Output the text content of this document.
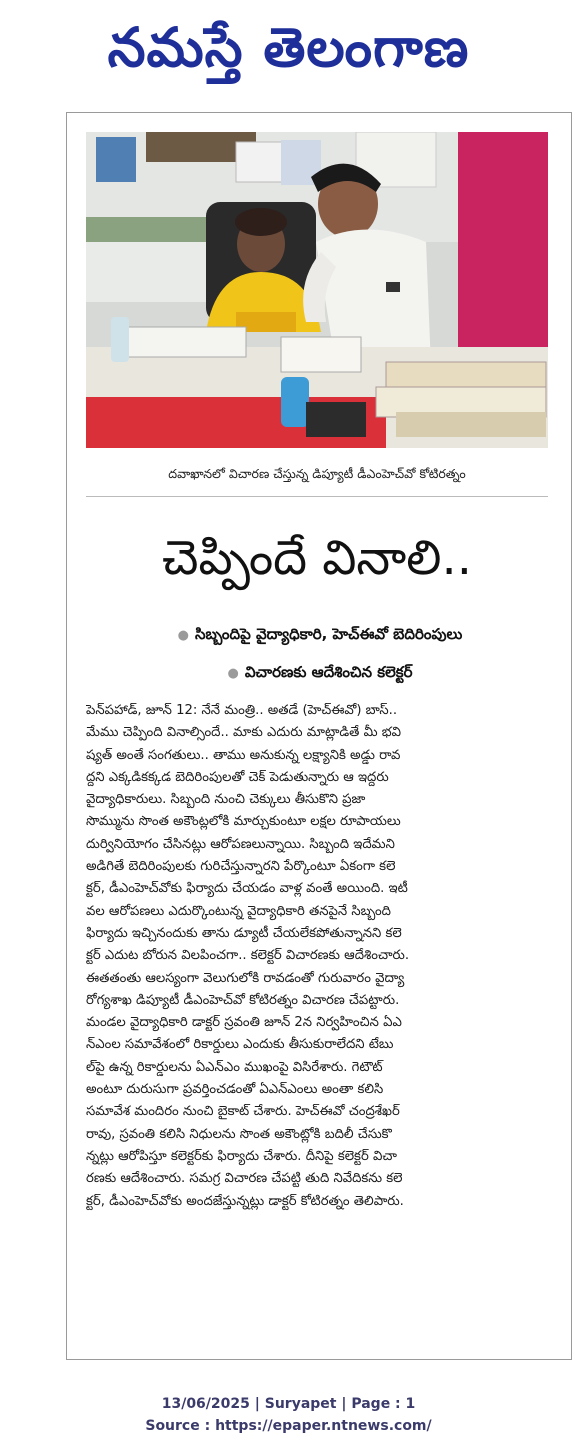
నమస్తే తెలంగాణ
దవాఖానలో విచారణ చేస్తున్న డిప్యూటీ డీఎంహెచ్‌వో కోటిరత్నం
చెప్పిందే వినాలి..
● సిబ్బందిపై వైద్యాధికారి, హెచ్‌ఈవో బెదిరింపులు
● విచారణకు ఆదేశించిన కలెక్టర్
పెన్‌పహాడ్, జూన్ 12: నేనే మంత్రి.. అతడే (హెచ్‌ఈవో) బాస్..
మేము చెప్పింది వినాల్సిందే.. మాకు ఎదురు మాట్లాడితే మీ భవి
ష్యత్ అంతే సంగతులు.. తాము అనుకున్న లక్ష్యానికి అడ్డు రావ
ద్దని ఎక్కడికక్కడ బెదిరింపులతో చెక్ పెడుతున్నారు ఆ ఇద్దరు
వైద్యాధికారులు. సిబ్బంది నుంచి చెక్కులు తీసుకొని ప్రజా
సొమ్మును సొంత అకౌంట్లలోకి మార్చుకుంటూ లక్షల రూపాయలు
దుర్వినియోగం చేసినట్లు ఆరోపణలున్నాయి. సిబ్బంది ఇదేమని
అడిగితే బెదిరింపులకు గురిచేస్తున్నారని పేర్కొంటూ ఏకంగా కలె
క్టర్, డీఎంహెచ్‌వోకు ఫిర్యాదు చేయడం వాళ్ల వంతే అయింది. ఇటీ
వల ఆరోపణలు ఎదుర్కొంటున్న వైద్యాధికారి తనపైనే సిబ్బంది
ఫిర్యాదు ఇచ్చినందుకు తాను డ్యూటీ చేయలేకపోతున్నానని కలె
క్టర్ ఎదుట బోరున విలపించగా.. కలెక్టర్ విచారణకు ఆదేశించారు.
ఈతతంతు ఆలస్యంగా వెలుగులోకి రావడంతో గురువారం వైద్యా
రోగ్యశాఖ డిప్యూటీ డీఎంహెచ్‌వో కోటిరత్నం విచారణ చేపట్టారు.
మండల వైద్యాధికారి డాక్టర్ స్రవంతి జూన్ 2న నిర్వహించిన ఏఎ
న్‌ఎంల సమావేశంలో రికార్డులు ఎందుకు తీసుకురాలేదని టేబు
ల్‌పై ఉన్న రికార్డులను ఏఎన్‌ఎం ముఖంపై విసిరేశారు. గెటౌట్
అంటూ దురుసుగా ప్రవర్తించడంతో ఏఎన్‌ఎంలు అంతా కలిసి
సమావేశ మందిరం నుంచి బైకాట్ చేశారు. హెచ్‌ఈవో చంద్రశేఖర్
రావు, స్రవంతి కలిసి నిధులను సొంత అకౌంట్లోకి బదిలీ చేసుకొ
న్నట్లు ఆరోపిస్తూ కలెక్టర్‌కు ఫిర్యాదు చేశారు. దీనిపై కలెక్టర్ విచా
రణకు ఆదేశించారు. సమగ్ర విచారణ చేపట్టి తుది నివేదికను కలె
క్టర్, డీఎంహెచ్‌వోకు అందజేస్తున్నట్లు డాక్టర్ కోటిరత్నం తెలిపారు.
13/06/2025 | Suryapet | Page : 1
Source : https://epaper.ntnews.com/
